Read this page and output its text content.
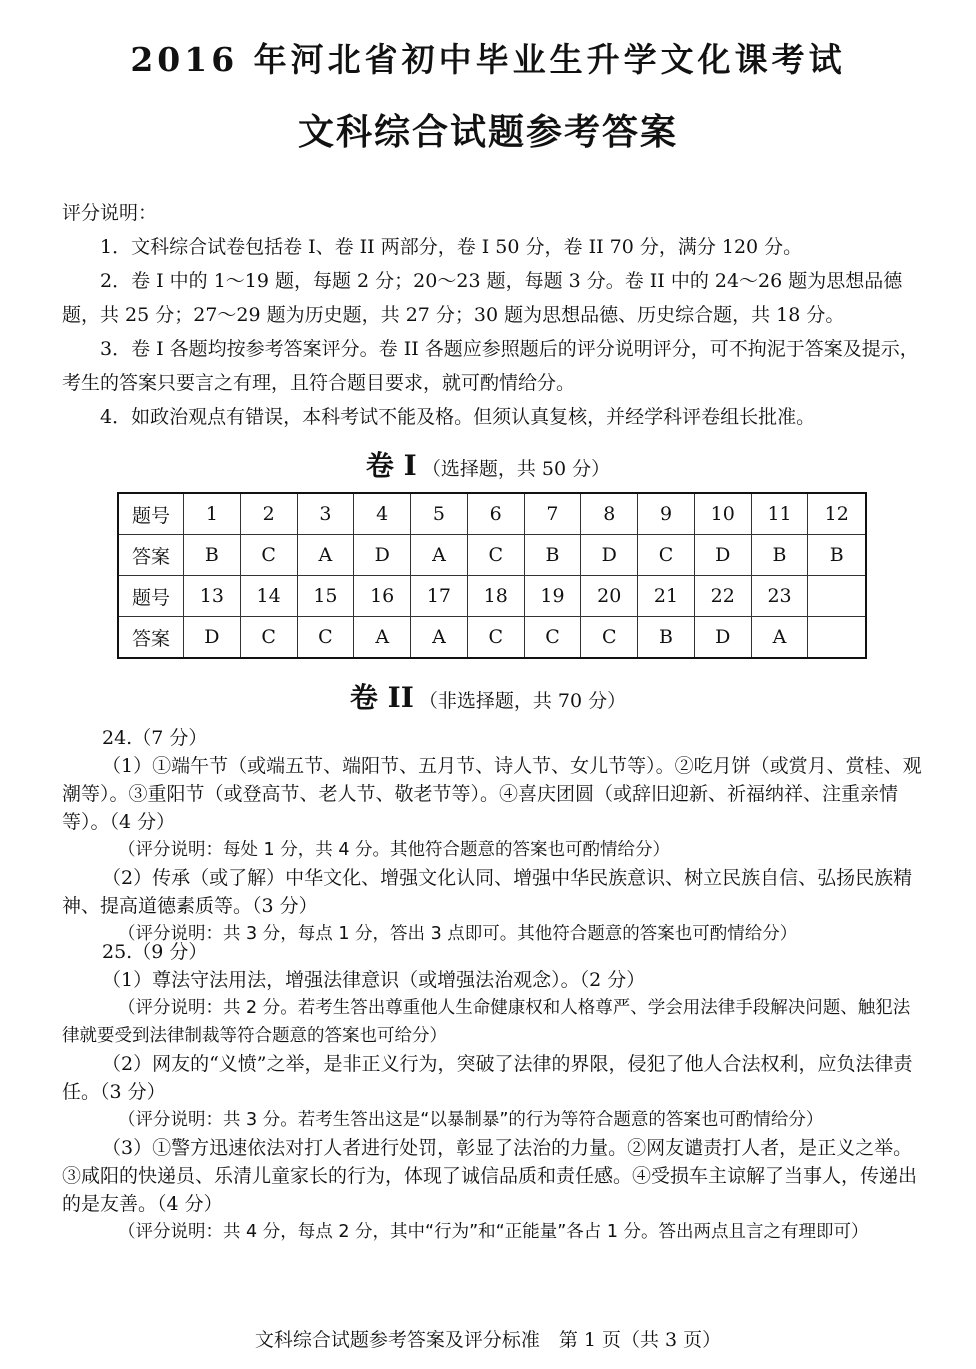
2016 年河北省初中毕业生升学文化课考试
文科综合试题参考答案

评分说明：

1．文科综合试卷包括卷 I、卷 II 两部分，卷 I 50 分，卷 II 70 分，满分 120 分。

2．卷 I 中的 1～19 题，每题 2 分；20～23 题，每题 3 分。卷 II 中的 24～26 题为思想品德题，共 25 分；27～29 题为历史题，共 27 分；30 题为思想品德、历史综合题，共 18 分。

3．卷 I 各题均按参考答案评分。卷 II 各题应参照题后的评分说明评分，可不拘泥于答案及提示，考生的答案只要言之有理，且符合题目要求，就可酌情给分。

4．如政治观点有错误，本科考试不能及格。但须认真复核，并经学科评卷组长批准。

卷 I （选择题，共 50 分）
题号	1	2	3	4	5	6	7	8	9	10	11	12
答案	B	C	A	D	A	C	B	D	C	D	B	B
题号	13	14	15	16	17	18	19	20	21	22	23	
答案	D	C	C	A	A	C	C	C	B	D	A	
卷 II （非选择题，共 70 分）

24.（7 分）

（1）①端午节（或端五节、端阳节、五月节、诗人节、女儿节等）。②吃月饼（或赏月、赏桂、观潮等）。③重阳节（或登高节、老人节、敬老节等）。④喜庆团圆（或辞旧迎新、祈福纳祥、注重亲情等）。（4 分）

（评分说明：每处 1 分，共 4 分。其他符合题意的答案也可酌情给分）

（2）传承（或了解）中华文化、增强文化认同、增强中华民族意识、树立民族自信、弘扬民族精神、提高道德素质等。（3 分）

（评分说明：共 3 分，每点 1 分，答出 3 点即可。其他符合题意的答案也可酌情给分）

25.（9 分）

（1）尊法守法用法，增强法律意识（或增强法治观念）。（2 分）

（评分说明：共 2 分。若考生答出尊重他人生命健康权和人格尊严、学会用法律手段解决问题、触犯法律就要受到法律制裁等符合题意的答案也可给分）

（2）网友的“义愤”之举，是非正义行为，突破了法律的界限，侵犯了他人合法权利，应负法律责任。（3 分）

（评分说明：共 3 分。若考生答出这是“以暴制暴”的行为等符合题意的答案也可酌情给分）

（3）①警方迅速依法对打人者进行处罚，彰显了法治的力量。②网友谴责打人者，是正义之举。③咸阳的快递员、乐清儿童家长的行为，体现了诚信品质和责任感。④受损车主谅解了当事人，传递出的是友善。（4 分）

（评分说明：共 4 分，每点 2 分，其中“行为”和“正能量”各占 1 分。答出两点且言之有理即可）

文科综合试题参考答案及评分标准　第 1 页（共 3 页）
